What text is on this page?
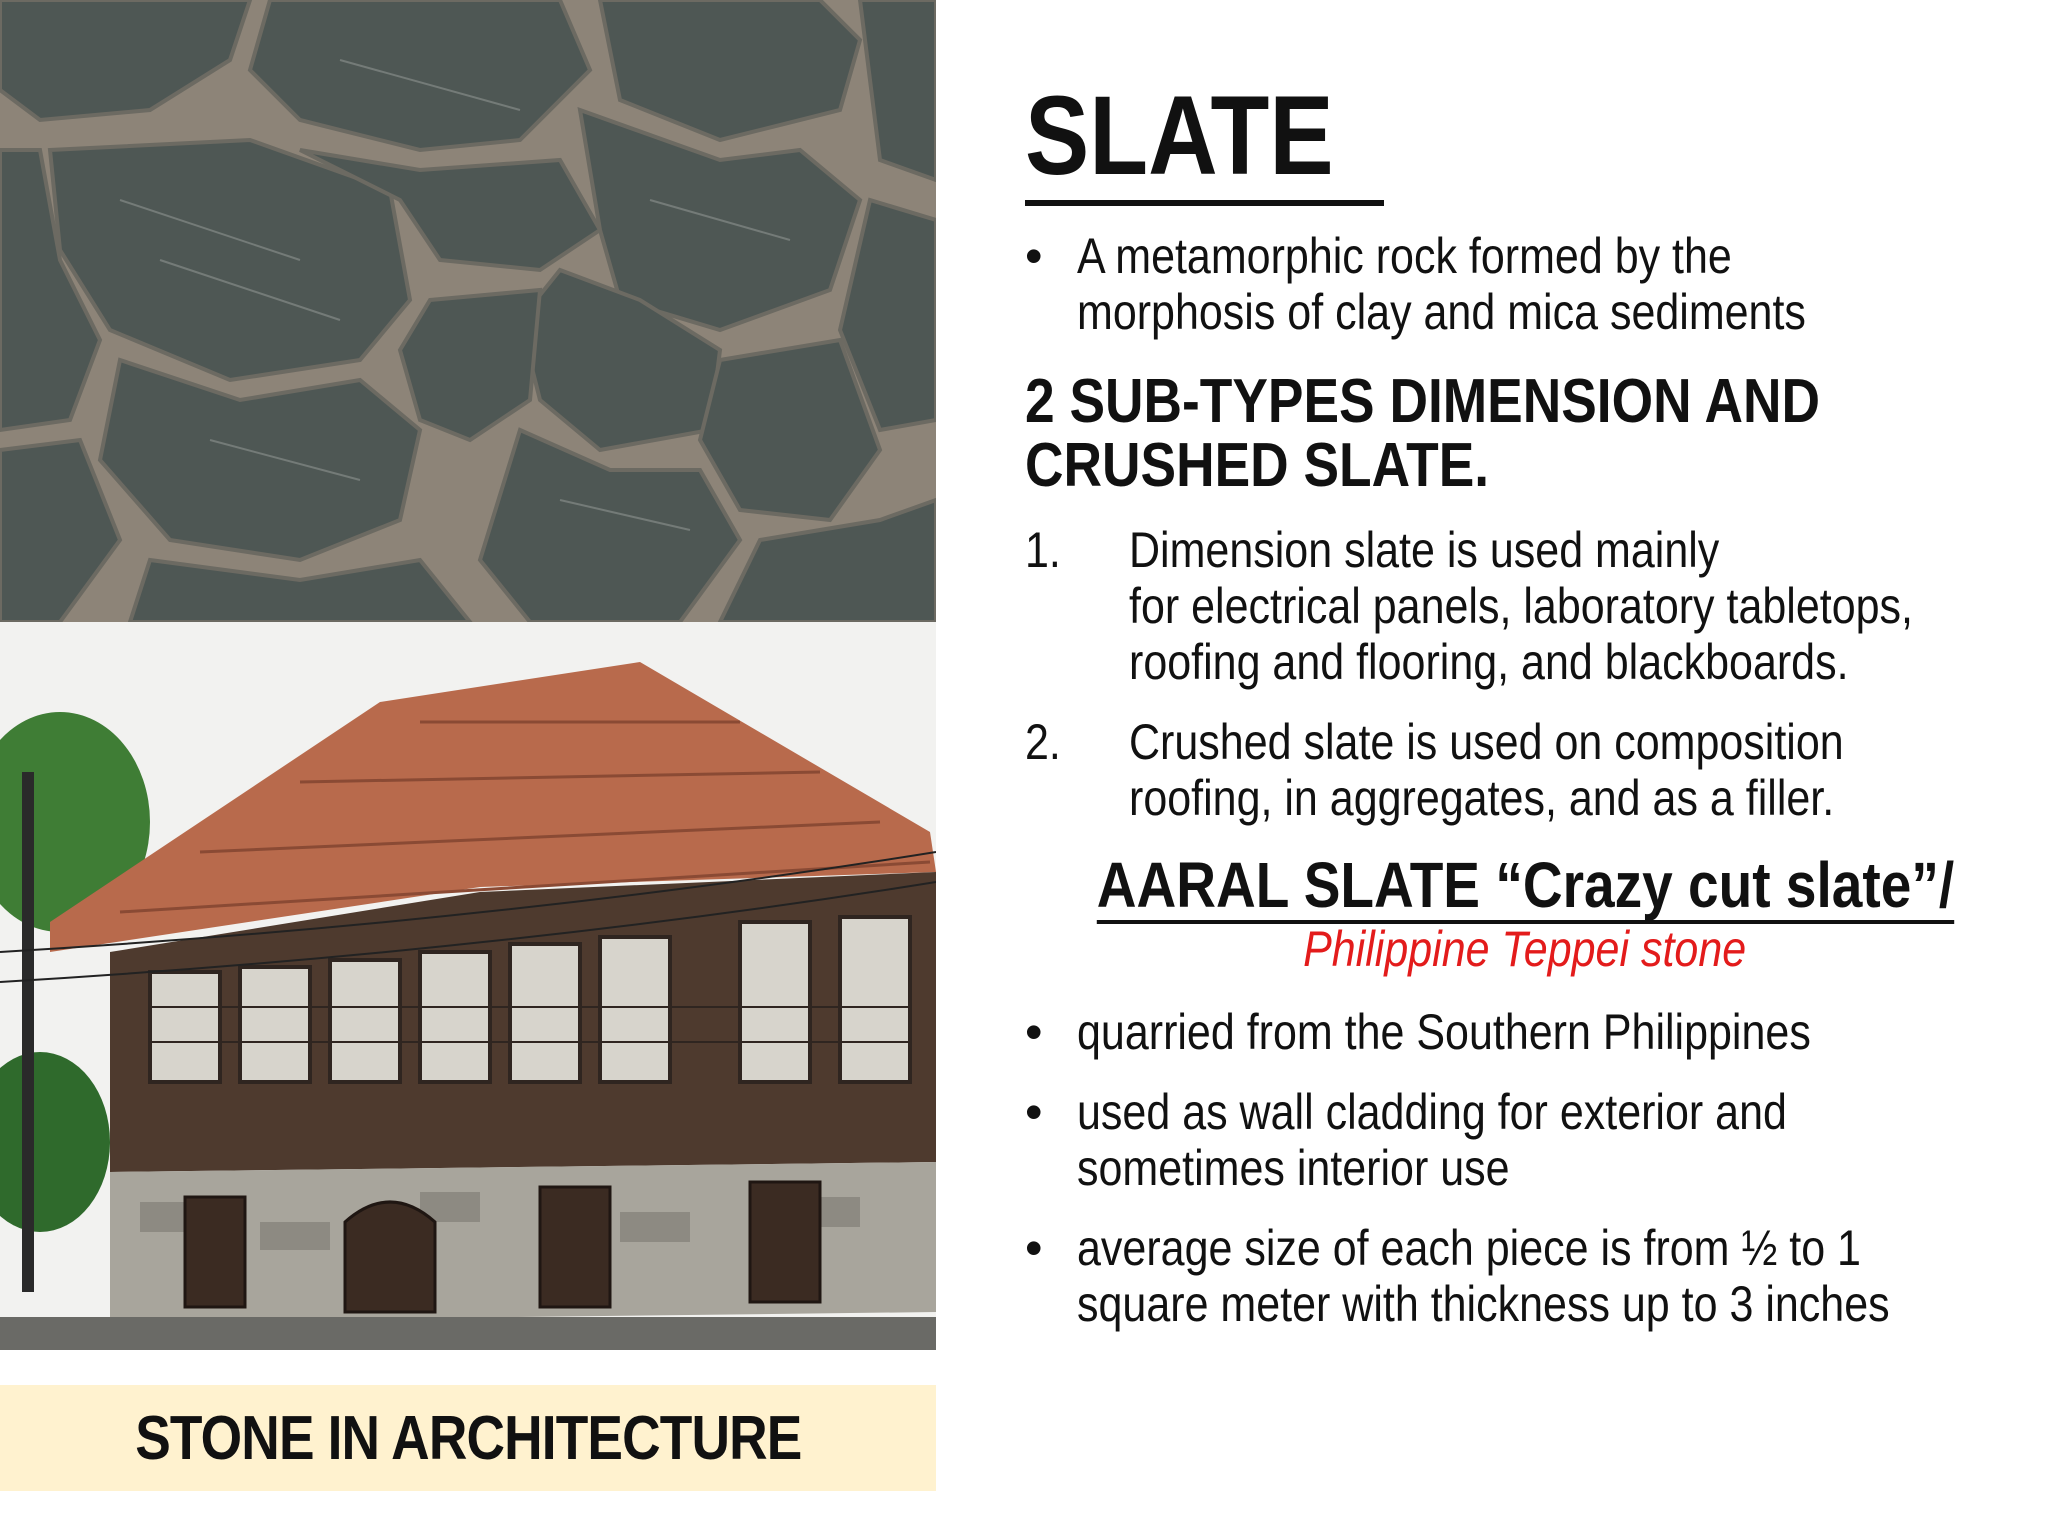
STONE IN ARCHITECTURE
SLATE
• A metamorphic rock formed by the
morphosis of clay and mica sediments
2 SUB-TYPES DIMENSION AND
CRUSHED SLATE.
1. Dimension slate is used mainly
for electrical panels, laboratory tabletops,
roofing and flooring, and blackboards.
2. Crushed slate is used on composition
roofing, in aggregates, and as a filler.
AARAL SLATE “Crazy cut slate”/
Philippine Teppei stone
• quarried from the Southern Philippines
• used as wall cladding for exterior and
sometimes interior use
• average size of each piece is from ½ to 1
square meter with thickness up to 3 inches
